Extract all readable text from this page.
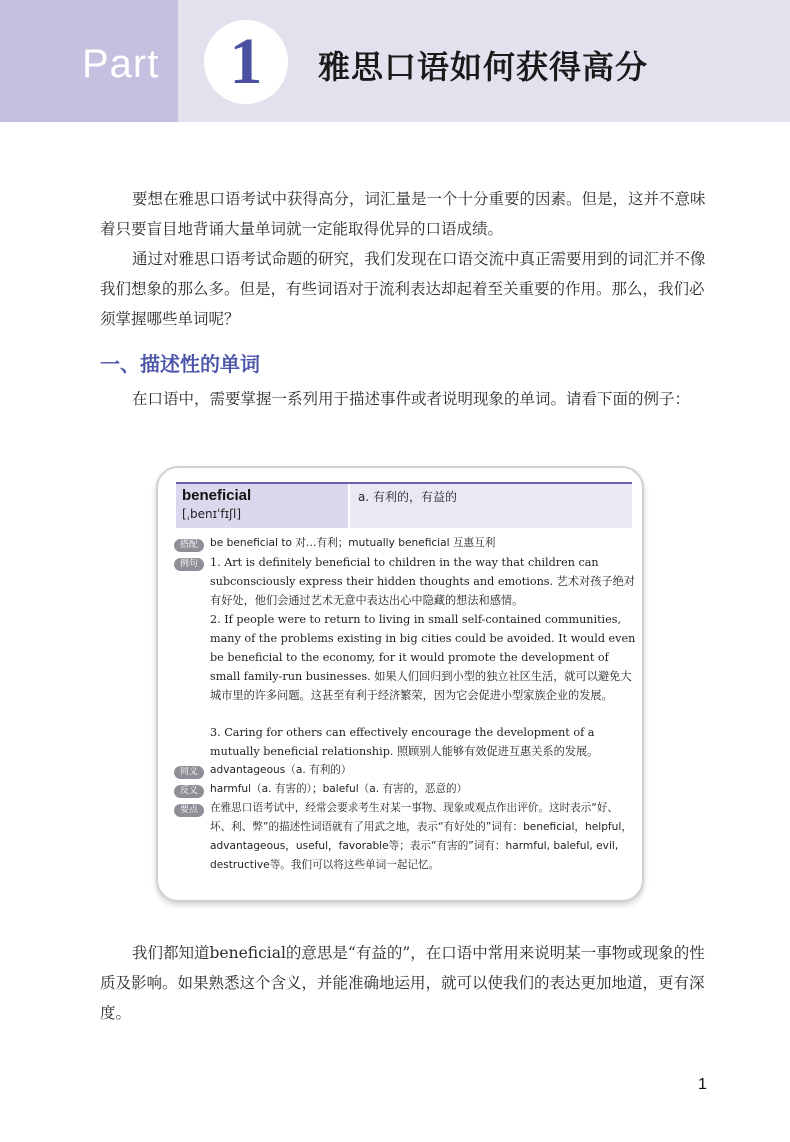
Part	1	雅思口语如何获得高分

要想在雅思口语考试中获得高分，词汇量是一个十分重要的因素。但是，这并不意味着只要盲目地背诵大量单词就一定能取得优异的口语成绩。

通过对雅思口语考试命题的研究，我们发现在口语交流中真正需要用到的词汇并不像我们想象的那么多。但是，有些词语对于流利表达却起着至关重要的作用。那么，我们必须掌握哪些单词呢？

一、描述性的单词

在口语中，需要掌握一系列用于描述事件或者说明现象的单词。请看下面的例子：

beneficial
[ˌbenɪˈfɪʃl]
a. 有利的，有益的
搭配	be beneficial to 对…有利；mutually beneficial 互惠互利
例句	1. Art is definitely beneficial to children in the way that children can subconsciously express their hidden thoughts and emotions. 艺术对孩子绝对有好处，他们会通过艺术无意中表达出心中隐藏的想法和感情。
2. If people were to return to living in small self-contained communities, many of the problems existing in big cities could be avoided. It would even be beneficial to the economy, for it would promote the development of small family-run businesses. 如果人们回归到小型的独立社区生活，就可以避免大城市里的许多问题。这甚至有利于经济繁荣，因为它会促进小型家族企业的发展。
3. Caring for others can effectively encourage the development of a mutually beneficial relationship. 照顾别人能够有效促进互惠关系的发展。
同义	advantageous（a. 有利的）
反义	harmful（a. 有害的）；baleful（a. 有害的，恶意的）
要点	在雅思口语考试中，经常会要求考生对某一事物、现象或观点作出评价。这时表示“好、坏、利、弊”的描述性词语就有了用武之地，表示“有好处的”词有：beneficial，helpful，advantageous，useful，favorable等；表示“有害的”词有：harmful, baleful, evil, destructive等。我们可以将这些单词一起记忆。

我们都知道beneficial的意思是“有益的”，在口语中常用来说明某一事物或现象的性质及影响。如果熟悉这个含义，并能准确地运用，就可以使我们的表达更加地道，更有深度。

1
